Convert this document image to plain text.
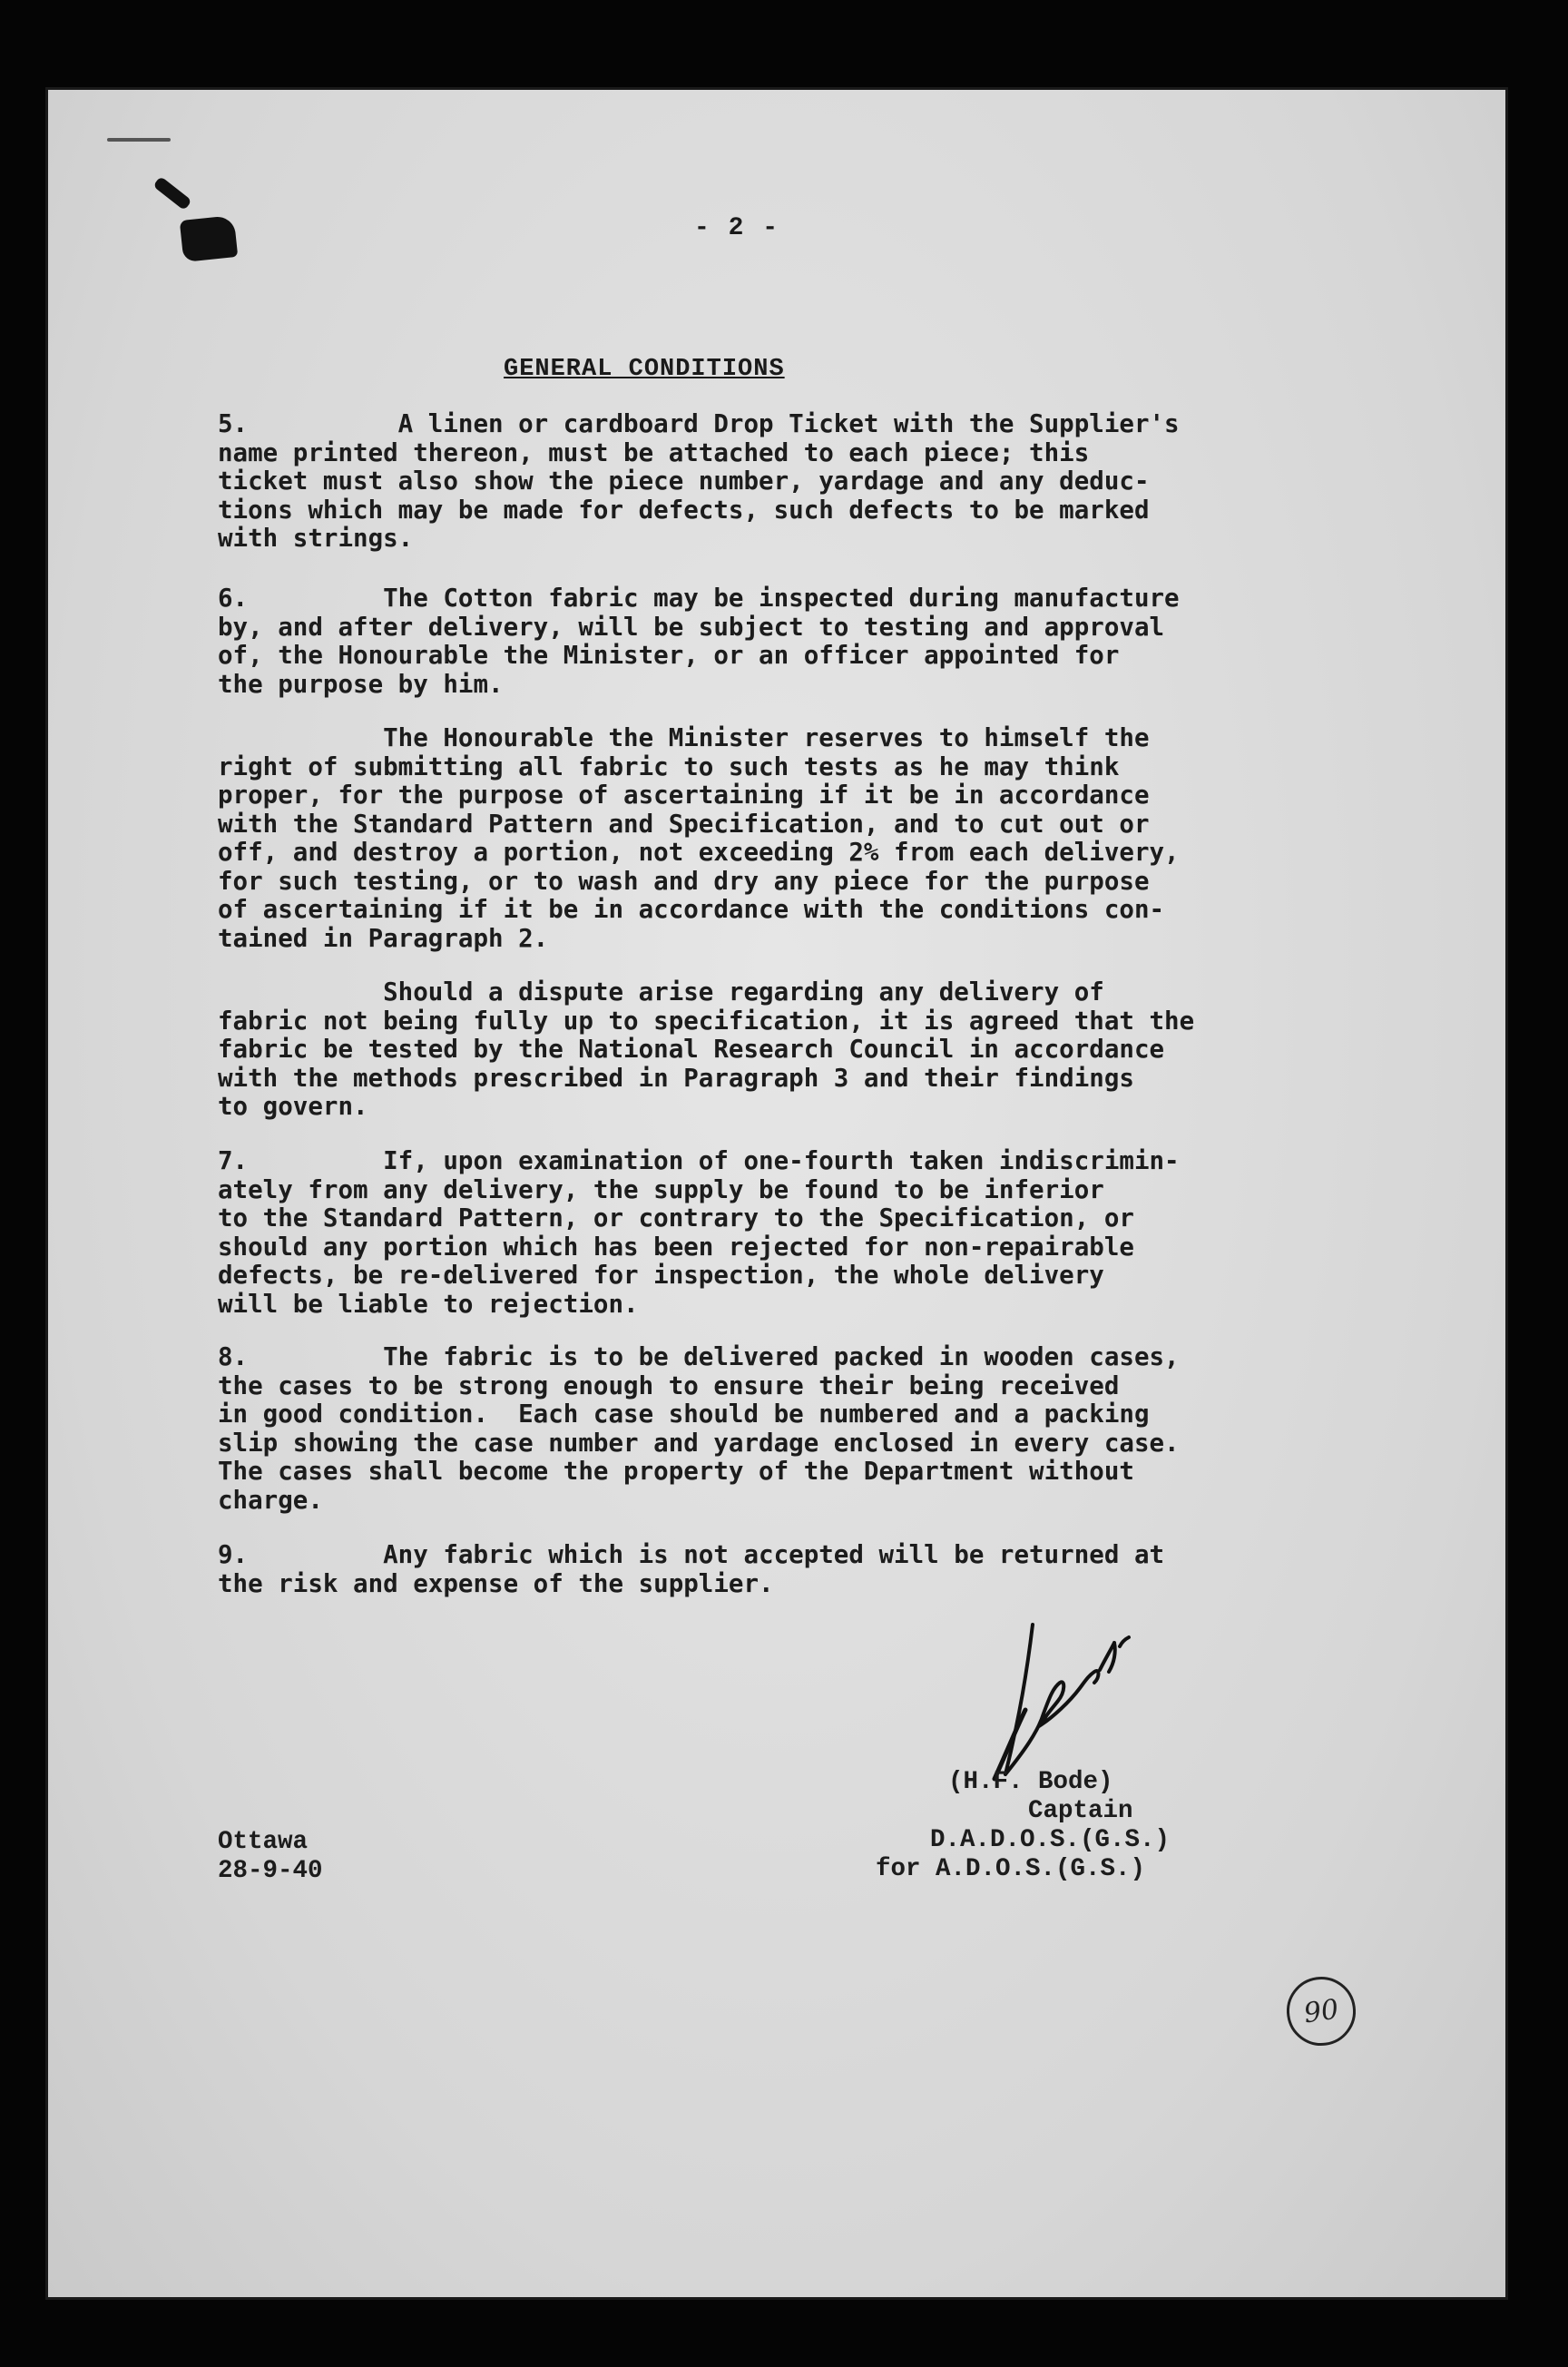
- 2 -
GENERAL CONDITIONS
5.          A linen or cardboard Drop Ticket with the Supplier's
name printed thereon, must be attached to each piece; this
ticket must also show the piece number, yardage and any deduc-
tions which may be made for defects, such defects to be marked
with strings.
6.         The Cotton fabric may be inspected during manufacture
by, and after delivery, will be subject to testing and approval
of, the Honourable the Minister, or an officer appointed for
the purpose by him.
The Honourable the Minister reserves to himself the
right of submitting all fabric to such tests as he may think
proper, for the purpose of ascertaining if it be in accordance
with the Standard Pattern and Specification, and to cut out or
off, and destroy a portion, not exceeding 2% from each delivery,
for such testing, or to wash and dry any piece for the purpose
of ascertaining if it be in accordance with the conditions con-
tained in Paragraph 2.
Should a dispute arise regarding any delivery of
fabric not being fully up to specification, it is agreed that the
fabric be tested by the National Research Council in accordance
with the methods prescribed in Paragraph 3 and their findings
to govern.
7.         If, upon examination of one-fourth taken indiscrimin-
ately from any delivery, the supply be found to be inferior
to the Standard Pattern, or contrary to the Specification, or
should any portion which has been rejected for non-repairable
defects, be re-delivered for inspection, the whole delivery
will be liable to rejection.
8.         The fabric is to be delivered packed in wooden cases,
the cases to be strong enough to ensure their being received
in good condition.  Each case should be numbered and a packing
slip showing the case number and yardage enclosed in every case.
The cases shall become the property of the Department without
charge.
9.         Any fabric which is not accepted will be returned at
the risk and expense of the supplier.
(H.F. Bode)
Captain
D.A.D.O.S.(G.S.)
for A.D.O.S.(G.S.)
Ottawa
28-9-40
90
